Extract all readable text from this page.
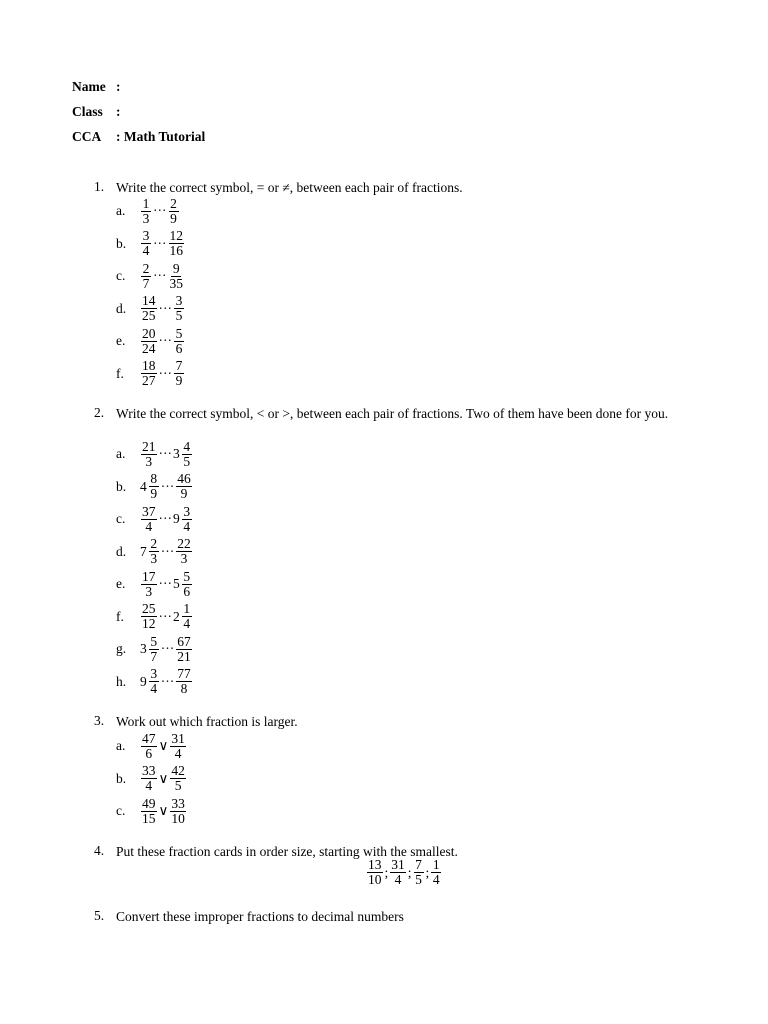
Name :
Class :
CCA : Math Tutorial
1. Write the correct symbol, = or ≠, between each pair of fractions.
a.	$\frac{1}{3}$ ··· $\frac{2}{9}$
b.	$\frac{3}{4}$ ··· $\frac{12}{16}$
c.	$\frac{2}{7}$ ··· $\frac{9}{35}$
d.	$\frac{14}{25}$ ··· $\frac{3}{5}$
e.	$\frac{20}{24}$ ··· $\frac{5}{6}$
f.	$\frac{18}{27}$ ··· $\frac{7}{9}$
2. Write the correct symbol, < or >, between each pair of fractions. Two of them have been done for you.
a.	$\frac{21}{3}$ ··· $3 \frac{4}{5}$
b.	$4 \frac{8}{9}$ ··· $\frac{46}{9}$
c.	$\frac{37}{4}$ ··· $9 \frac{3}{4}$
d.	$7 \frac{2}{3}$ ··· $\frac{22}{3}$
e.	$\frac{17}{3}$ ··· $5 \frac{5}{6}$
f.	$\frac{25}{12}$ ··· $2 \frac{1}{4}$
g.	$3 \frac{5}{7}$ ··· $\frac{67}{21}$
h.	$9 \frac{3}{4}$ ··· $\frac{77}{8}$
3. Work out which fraction is larger.
a.	$\frac{47}{6}$ ∨ $\frac{31}{4}$
b.	$\frac{33}{4}$ ∨ $\frac{42}{5}$
c.	$\frac{49}{15}$ ∨ $\frac{33}{10}$
4. Put these fraction cards in order size, starting with the smallest.
$\frac{13}{10}$ ; $\frac{31}{4}$ ; $\frac{7}{5}$ ; $\frac{1}{4}$
5. Convert these improper fractions to decimal numbers
